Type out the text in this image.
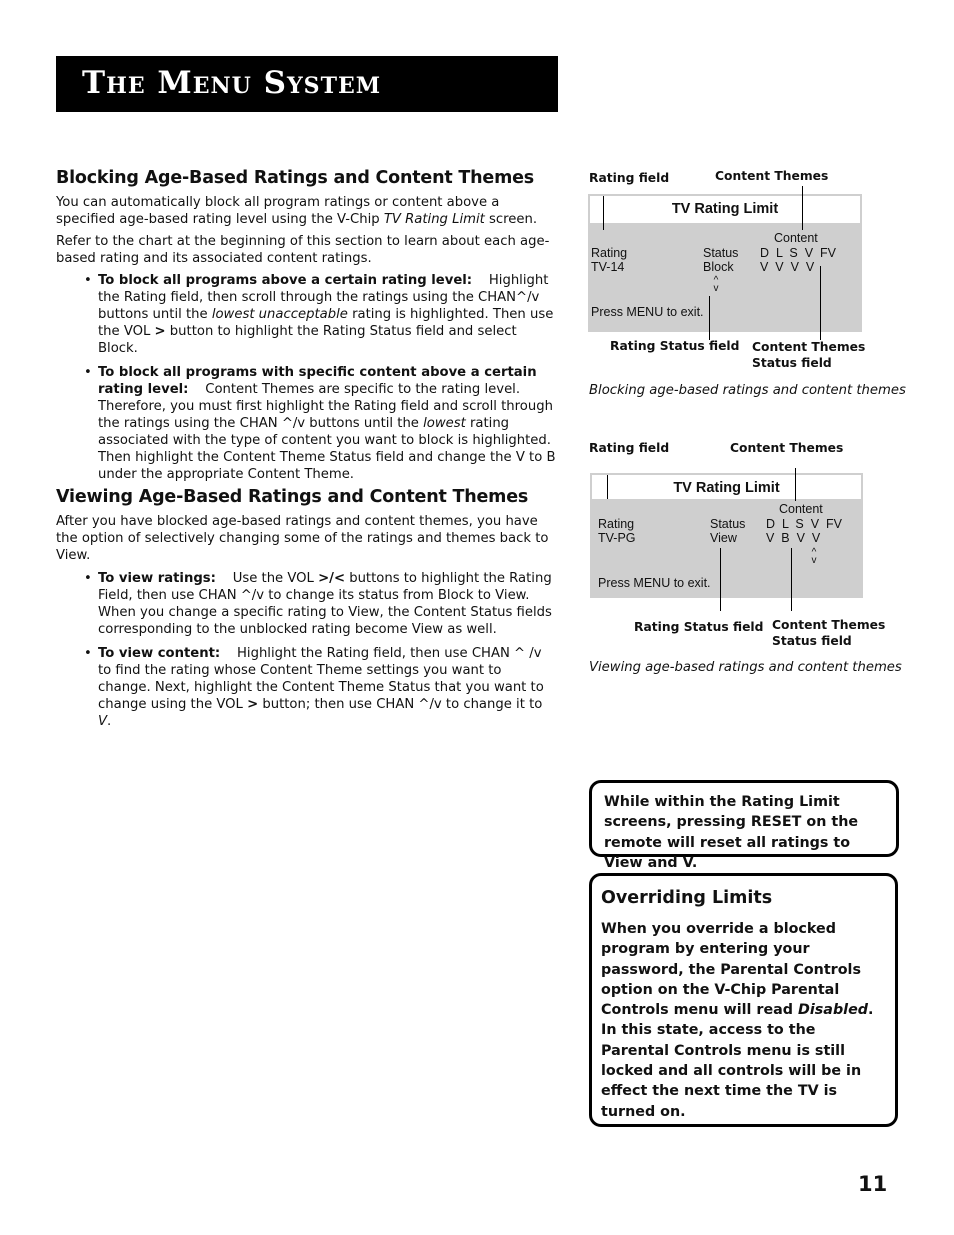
The Menu System
Blocking Age-Based Ratings and Content Themes

You can automatically block all program ratings or content above a specified age-based rating level using the V-Chip TV Rating Limit screen.

Refer to the chart at the beginning of this section to learn about each age-based rating and its associated content ratings.

• To block all programs above a certain rating level: Highlight the Rating field, then scroll through the ratings using the CHAN^/v buttons until the lowest unacceptable rating is highlighted. Then use the VOL > button to highlight the Rating Status field and select Block.
• To block all programs with specific content above a certain rating level: Content Themes are specific to the rating level. Therefore, you must first highlight the Rating field and scroll through the ratings using the CHAN ^/v buttons until the lowest rating associated with the type of content you want to block is highlighted. Then highlight the Content Theme Status field and change the V to B under the appropriate Content Theme.
Viewing Age-Based Ratings and Content Themes

After you have blocked age-based ratings and content themes, you have the option of selectively changing some of the ratings and themes back to View.

• To view ratings: Use the VOL >/< buttons to highlight the Rating Field, then use CHAN ^/v to change its status from Block to View. When you change a specific rating to View, the Content Status fields corresponding to the unblocked rating become View as well.
• To view content: Highlight the Rating field, then use CHAN ^ /v to find the rating whose Content Theme settings you want to change. Next, highlight the Content Theme Status that you want to change using the VOL > button; then use CHAN ^/v to change it to V.
Rating field	Content Themes
TV Rating Limit
Content
Rating
TV-14
Status
Block
D  L  S  V  FV
V  V  V  V
^
v
Press MENU to exit.
Rating Status field Content Themes
Status field
Blocking age-based ratings and content themes
Rating field	Content Themes
TV Rating Limit
Content
Rating
TV-PG
Status
View
D  L  S  V  FV
V  B  V  V
^
v
Press MENU to exit.
Rating Status field Content Themes
Status field
Viewing age-based ratings and content themes

While within the Rating Limit screens, pressing RESET on the remote will reset all ratings to View and V.

Overriding Limits

When you override a blocked program by entering your password, the Parental Controls option on the V-Chip Parental Controls menu will read Disabled. In this state, access to the Parental Controls menu is still locked and all controls will be in effect the next time the TV is turned on.

11
